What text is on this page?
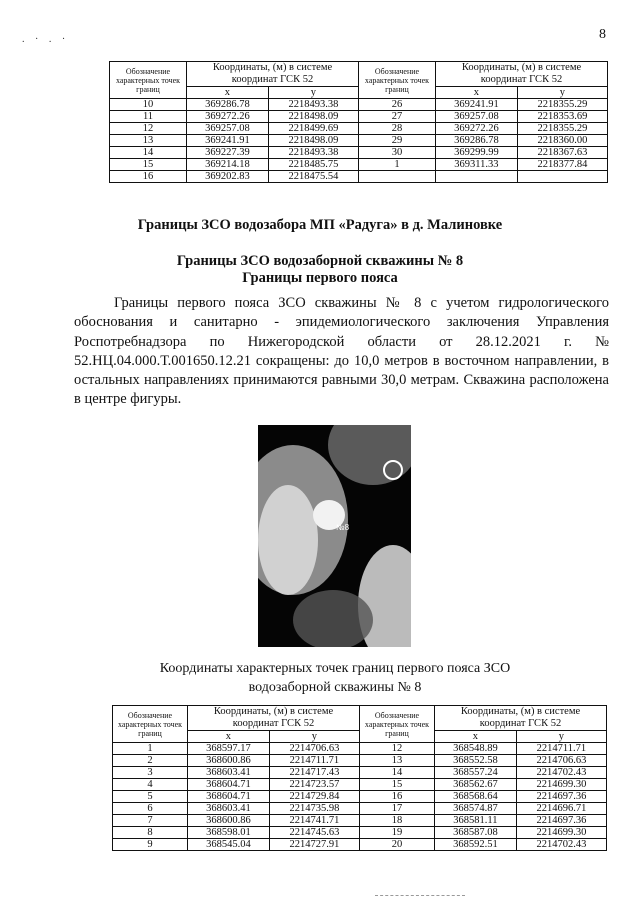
8
. · . ·
Обозначение характерных точек границ	Координаты, (м) в системе координат ГСК 52		Обозначение характерных точек границ	Координаты, (м) в системе координат ГСК 52	
	x	y		x	y
10	369286.78	2218493.38	26	369241.91	2218355.29
11	369272.26	2218498.09	27	369257.08	2218353.69
12	369257.08	2218499.69	28	369272.26	2218355.29
13	369241.91	2218498.09	29	369286.78	2218360.00
14	369227.39	2218493.38	30	369299.99	2218367.63
15	369214.18	2218485.75	1	369311.33	2218377.84
16	369202.83	2218475.54			
Границы ЗСО водозабора МП «Радуга» в д. Малиновке
Границы ЗСО водозаборной скважины № 8
Границы первого пояса
Границы первого пояса ЗСО скважины № 8 с учетом гидрологического обоснования и санитарно - эпидемиологического заключения Управления Роспотребнадзора по Нижегородской области от 28.12.2021 г. № 52.НЦ.04.000.Т.001650.12.21 сокращены: до 10,0 метров в восточном направлении, в остальных направлениях принимаются равными 30,0 метрам. Скважина расположена в центре фигуры.
№8
Координаты характерных точек границ первого пояса ЗСО
водозаборной скважины № 8
Обозначение характерных точек границ	Координаты, (м) в системе координат ГСК 52		Обозначение характерных точек границ	Координаты, (м) в системе координат ГСК 52	
	x	y		x	y
1	368597.17	2214706.63	12	368548.89	2214711.71
2	368600.86	2214711.71	13	368552.58	2214706.63
3	368603.41	2214717.43	14	368557.24	2214702.43
4	368604.71	2214723.57	15	368562.67	2214699.30
5	368604.71	2214729.84	16	368568.64	2214697.36
6	368603.41	2214735.98	17	368574.87	2214696.71
7	368600.86	2214741.71	18	368581.11	2214697.36
8	368598.01	2214745.63	19	368587.08	2214699.30
9	368545.04	2214727.91	20	368592.51	2214702.43
